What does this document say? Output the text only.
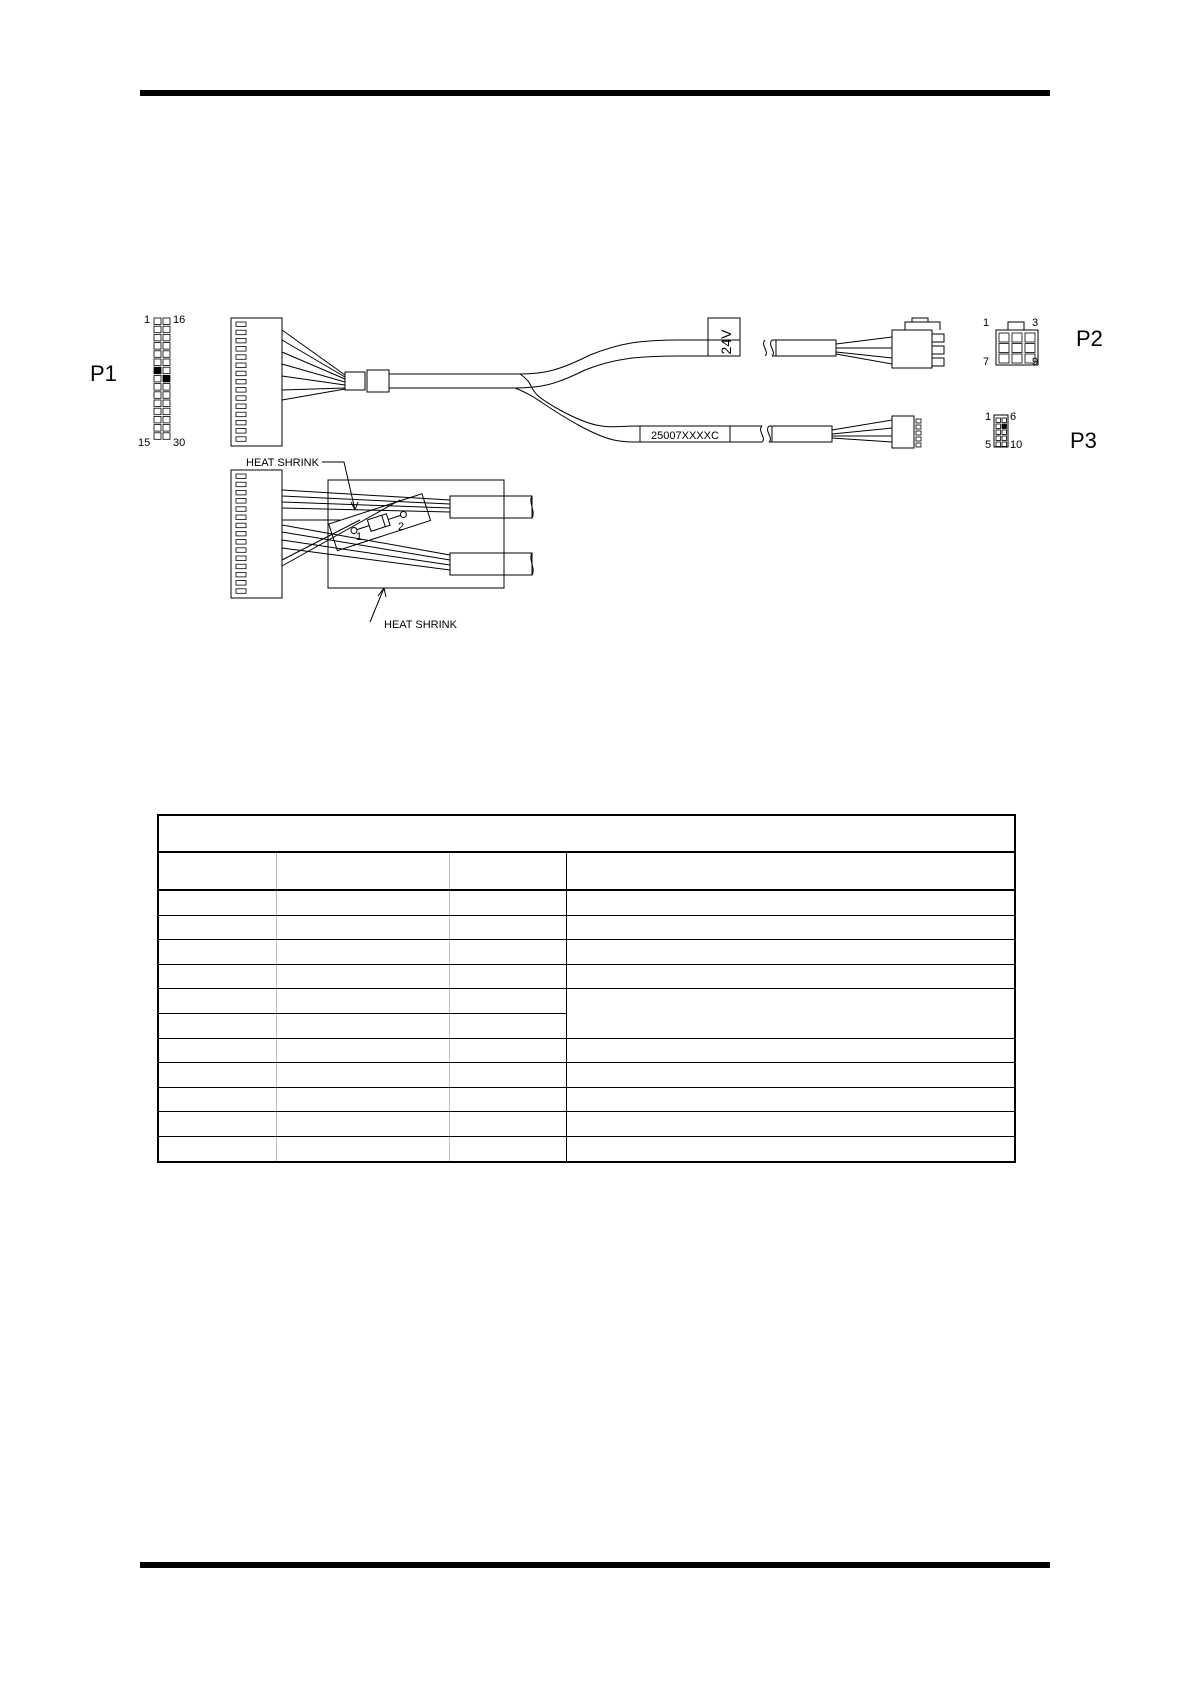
24V
25007XXXXC
HEAT SHRINK
HEAT SHRINK
1
2
P1
P2
P3
1 16
15 30
1	3
7	9
1 6
5 10
